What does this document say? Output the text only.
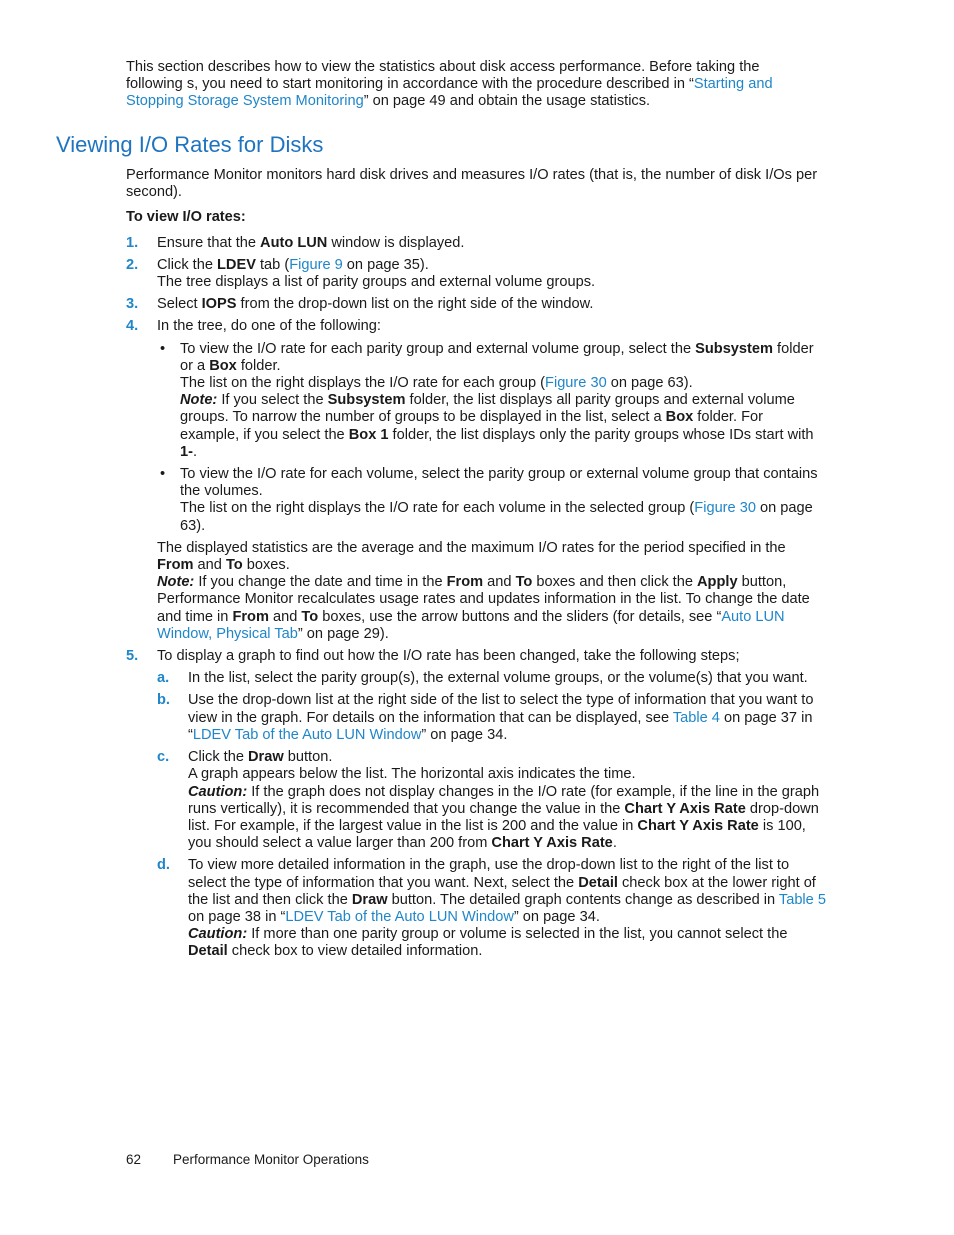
This section describes how to view the statistics about disk access performance. Before taking the following s, you need to start monitoring in accordance with the procedure described in “Starting and Stopping Storage System Monitoring” on page 49 and obtain the usage statistics.

Viewing I/O Rates for Disks

Performance Monitor monitors hard disk drives and measures I/O rates (that is, the number of disk I/Os per second).

To view I/O rates:

1. Ensure that the Auto LUN window is displayed.

2. Click the LDEV tab (Figure 9 on page 35).

The tree displays a list of parity groups and external volume groups.

3. Select IOPS from the drop-down list on the right side of the window.

4. In the tree, do one of the following:

• To view the I/O rate for each parity group and external volume group, select the Subsystem folder or a Box folder.

The list on the right displays the I/O rate for each group (Figure 30 on page 63).

Note: If you select the Subsystem folder, the list displays all parity groups and external volume groups. To narrow the number of groups to be displayed in the list, select a Box folder. For example, if you select the Box 1 folder, the list displays only the parity groups whose IDs start with 1-.

• To view the I/O rate for each volume, select the parity group or external volume group that contains the volumes.

The list on the right displays the I/O rate for each volume in the selected group (Figure 30 on page 63).

The displayed statistics are the average and the maximum I/O rates for the period specified in the From and To boxes.

Note: If you change the date and time in the From and To boxes and then click the Apply button, Performance Monitor recalculates usage rates and updates information in the list. To change the date and time in From and To boxes, use the arrow buttons and the sliders (for details, see “Auto LUN Window, Physical Tab” on page 29).

5. To display a graph to find out how the I/O rate has been changed, take the following steps;

a. In the list, select the parity group(s), the external volume groups, or the volume(s) that you want.

b. Use the drop-down list at the right side of the list to select the type of information that you want to view in the graph. For details on the information that can be displayed, see Table 4 on page 37 in “LDEV Tab of the Auto LUN Window” on page 34.

c. Click the Draw button.

A graph appears below the list. The horizontal axis indicates the time.

Caution: If the graph does not display changes in the I/O rate (for example, if the line in the graph runs vertically), it is recommended that you change the value in the Chart Y Axis Rate drop-down list. For example, if the largest value in the list is 200 and the value in Chart Y Axis Rate is 100, you should select a value larger than 200 from Chart Y Axis Rate.

d. To view more detailed information in the graph, use the drop-down list to the right of the list to select the type of information that you want. Next, select the Detail check box at the lower right of the list and then click the Draw button. The detailed graph contents change as described in Table 5 on page 38 in “LDEV Tab of the Auto LUN Window” on page 34.

Caution: If more than one parity group or volume is selected in the list, you cannot select the Detail check box to view detailed information.

62 Performance Monitor Operations
